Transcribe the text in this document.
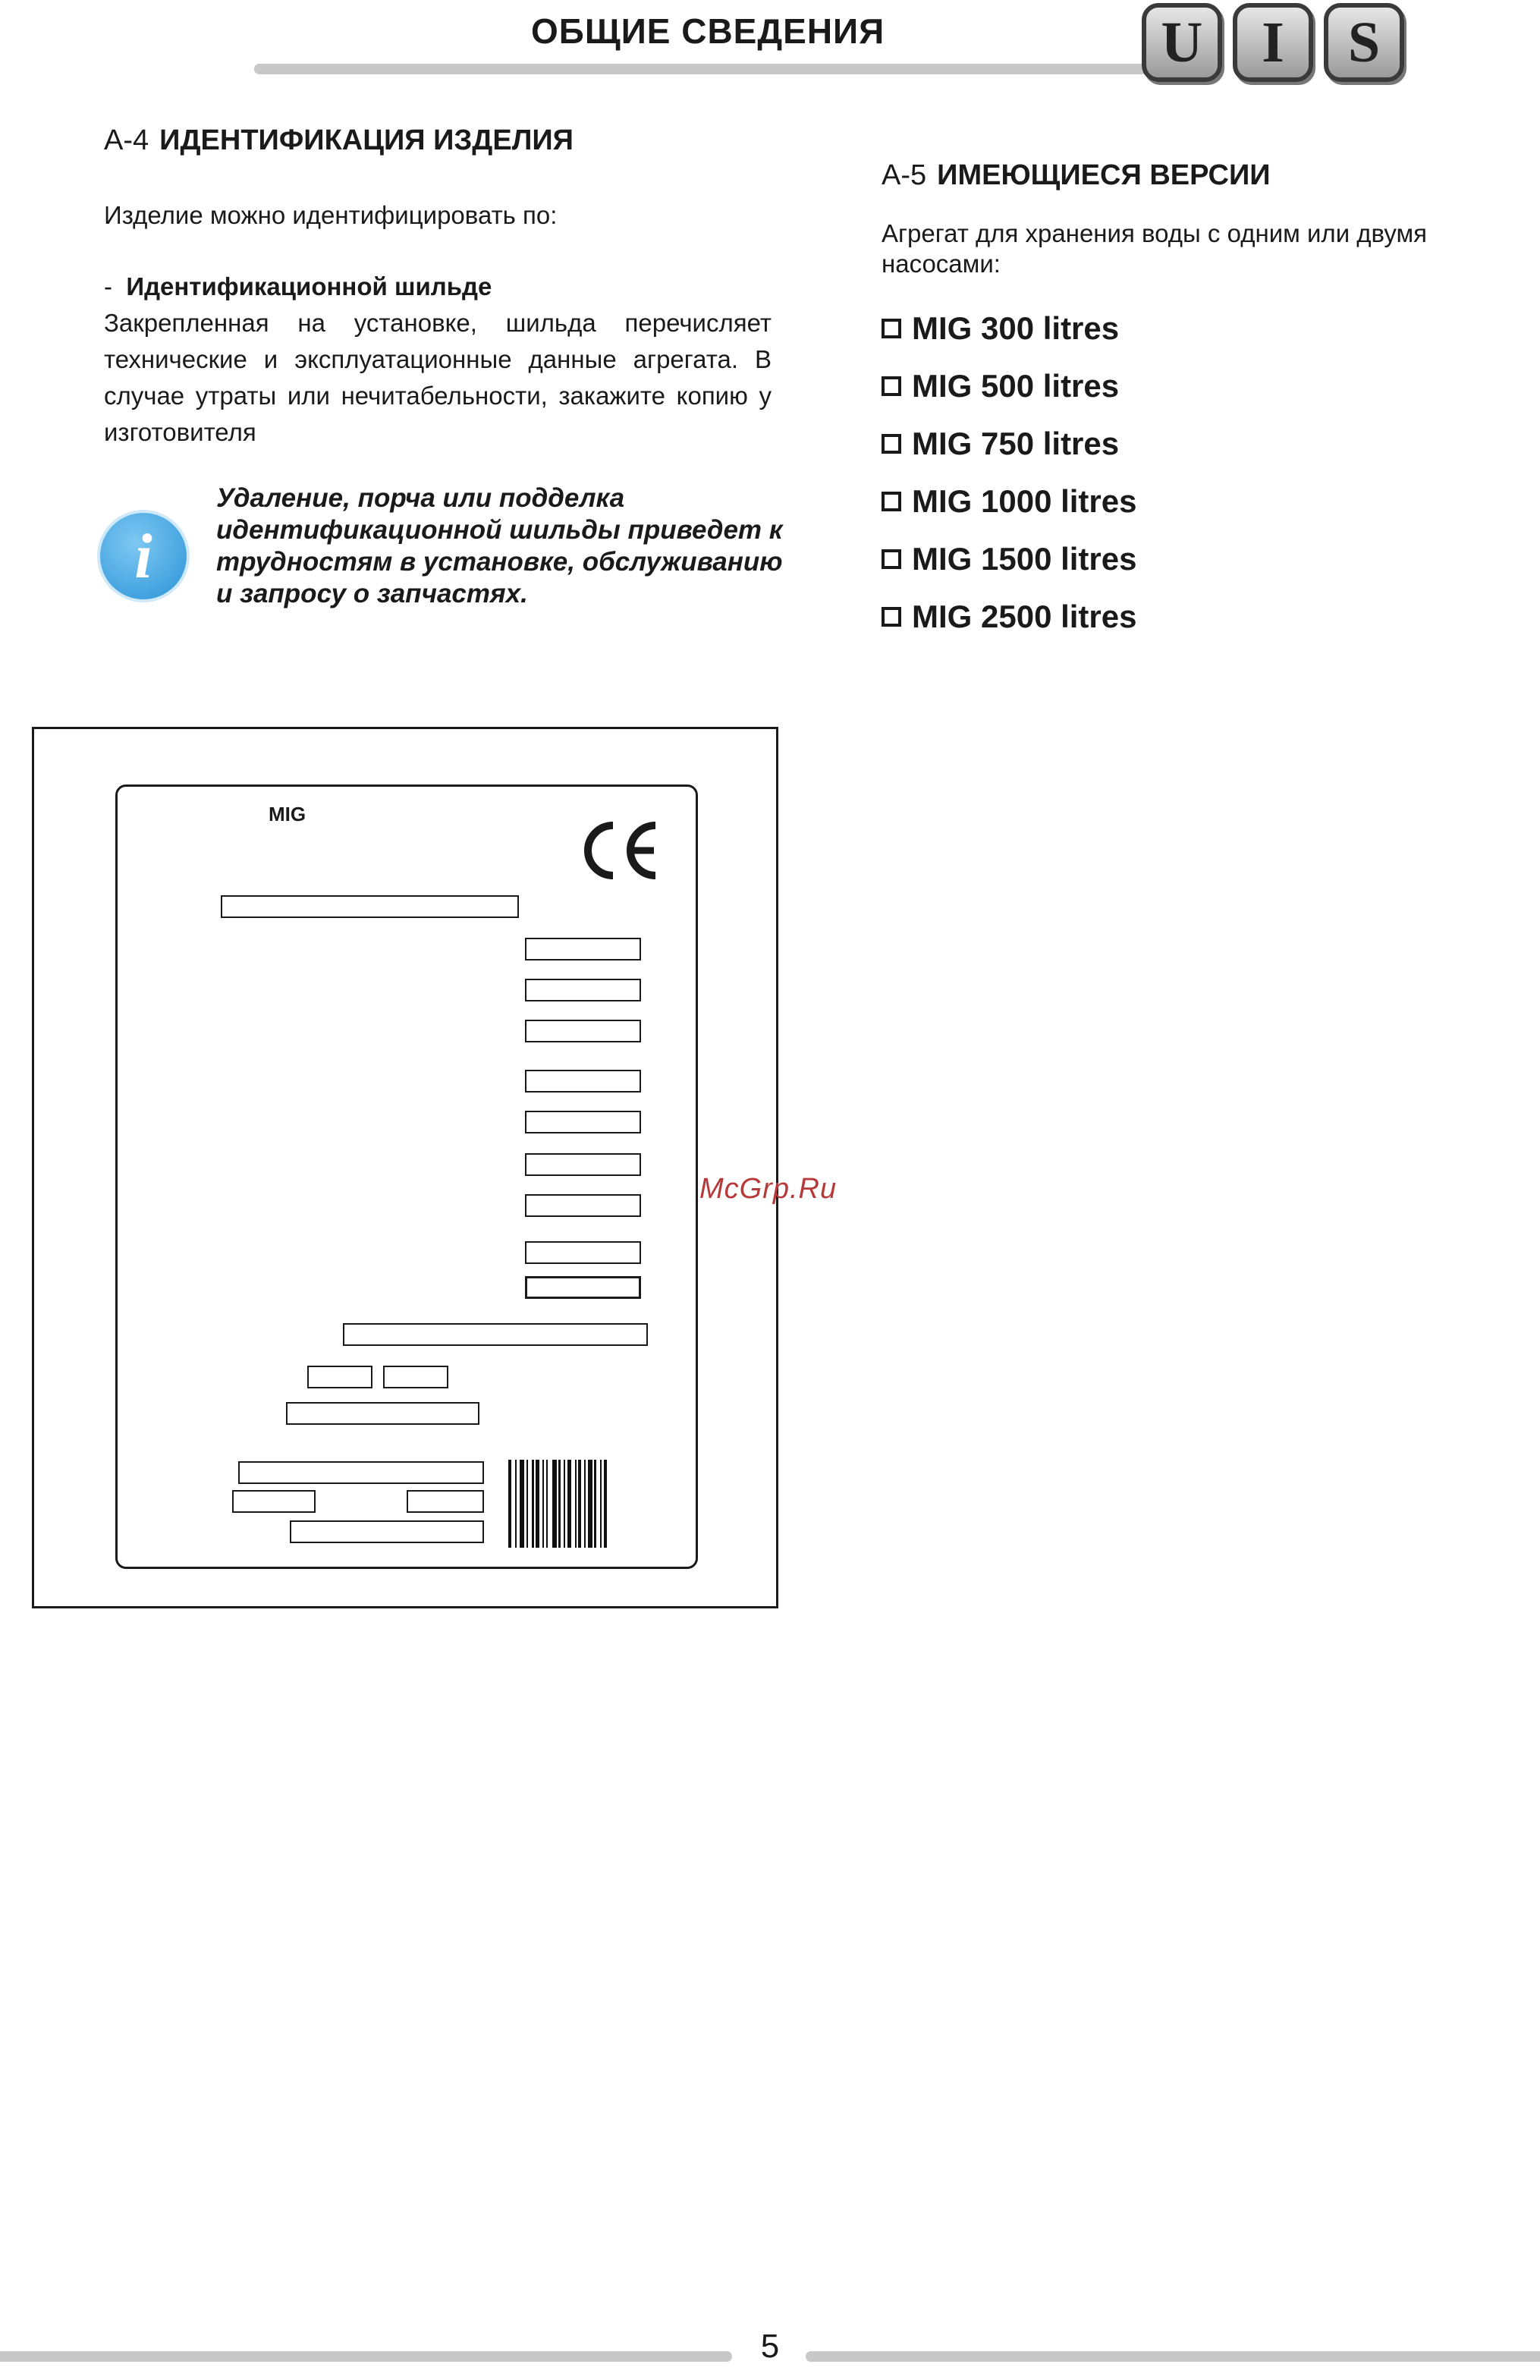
ОБЩИЕ СВЕДЕНИЯ	U	I	S
A-4 ИДЕНТИФИКАЦИЯ ИЗДЕЛИЯ
Изделие можно идентифицировать по:
- Идентификационной шильде
Закрепленная на установке, шильда перечисляет технические и эксплуатационные данные агрегата. В случае утраты или нечитабельности, закажите копию у изготовителя
i
Удаление, порча или подделка идентификационной шильды приведет к трудностям в установке, обслуживанию и запросу о запчастях.
A-5 ИМЕЮЩИЕСЯ ВЕРСИИ
Агрегат для хранения воды с одним или двумя насосами:
MIG 300 litres
MIG 500 litres
MIG 750 litres
MIG 1000 litres
MIG 1500 litres
MIG 2500 litres
MIG
McGrp.Ru
5
